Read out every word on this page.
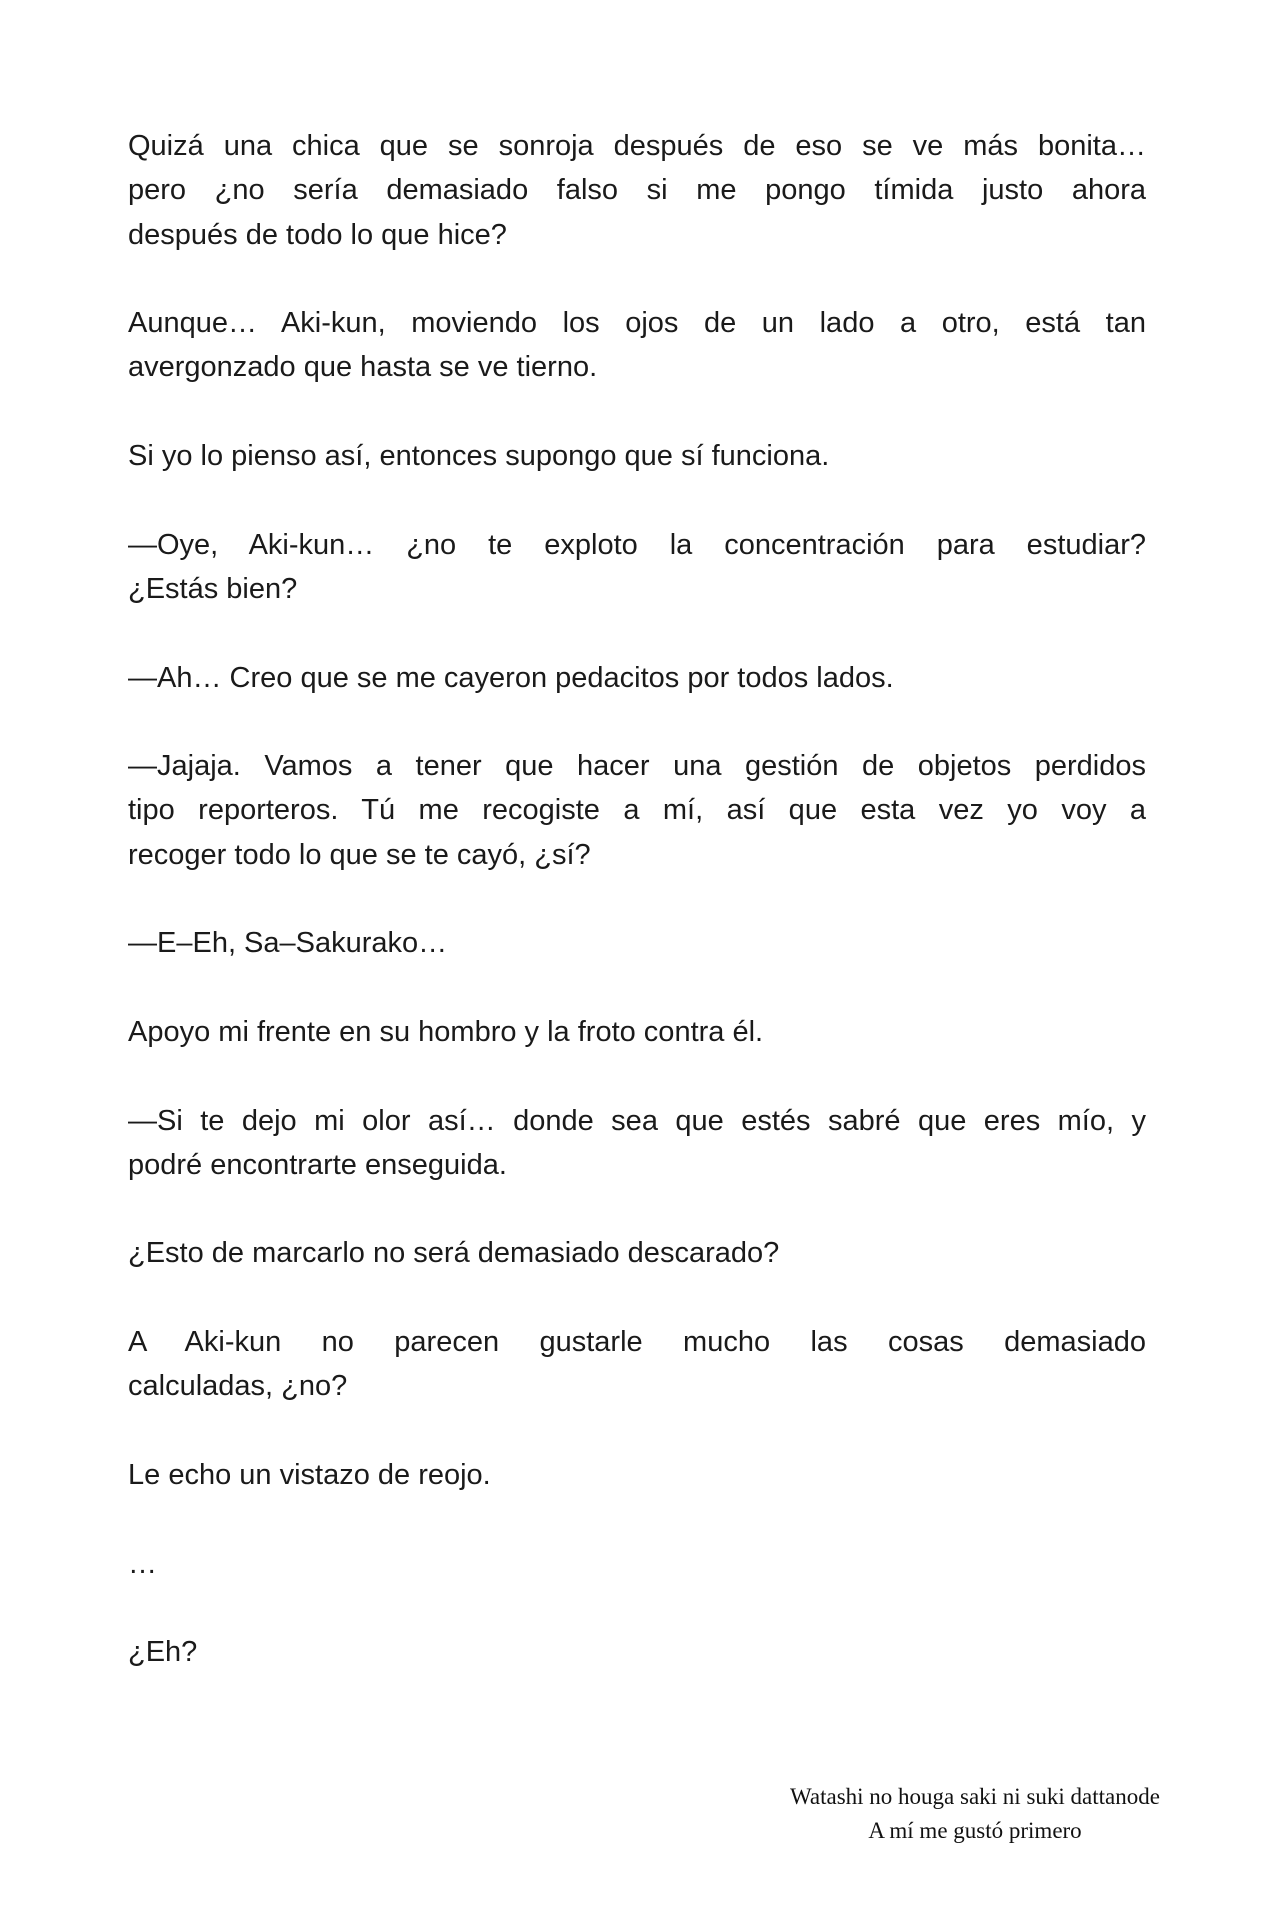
Quizá una chica que se sonroja después de eso se ve más bonita…
pero ¿no sería demasiado falso si me pongo tímida justo ahora
después de todo lo que hice?
Aunque… Aki-kun, moviendo los ojos de un lado a otro, está tan
avergonzado que hasta se ve tierno.
Si yo lo pienso así, entonces supongo que sí funciona.
—Oye, Aki-kun… ¿no te exploto la concentración para estudiar?
¿Estás bien?
—Ah… Creo que se me cayeron pedacitos por todos lados.
—Jajaja. Vamos a tener que hacer una gestión de objetos perdidos
tipo reporteros. Tú me recogiste a mí, así que esta vez yo voy a
recoger todo lo que se te cayó, ¿sí?
—E–Eh, Sa–Sakurako…
Apoyo mi frente en su hombro y la froto contra él.
—Si te dejo mi olor así… donde sea que estés sabré que eres mío, y
podré encontrarte enseguida.
¿Esto de marcarlo no será demasiado descarado?
A Aki-kun no parecen gustarle mucho las cosas demasiado
calculadas, ¿no?
Le echo un vistazo de reojo.
…
¿Eh?
Watashi no houga saki ni suki dattanode
A mí me gustó primero
